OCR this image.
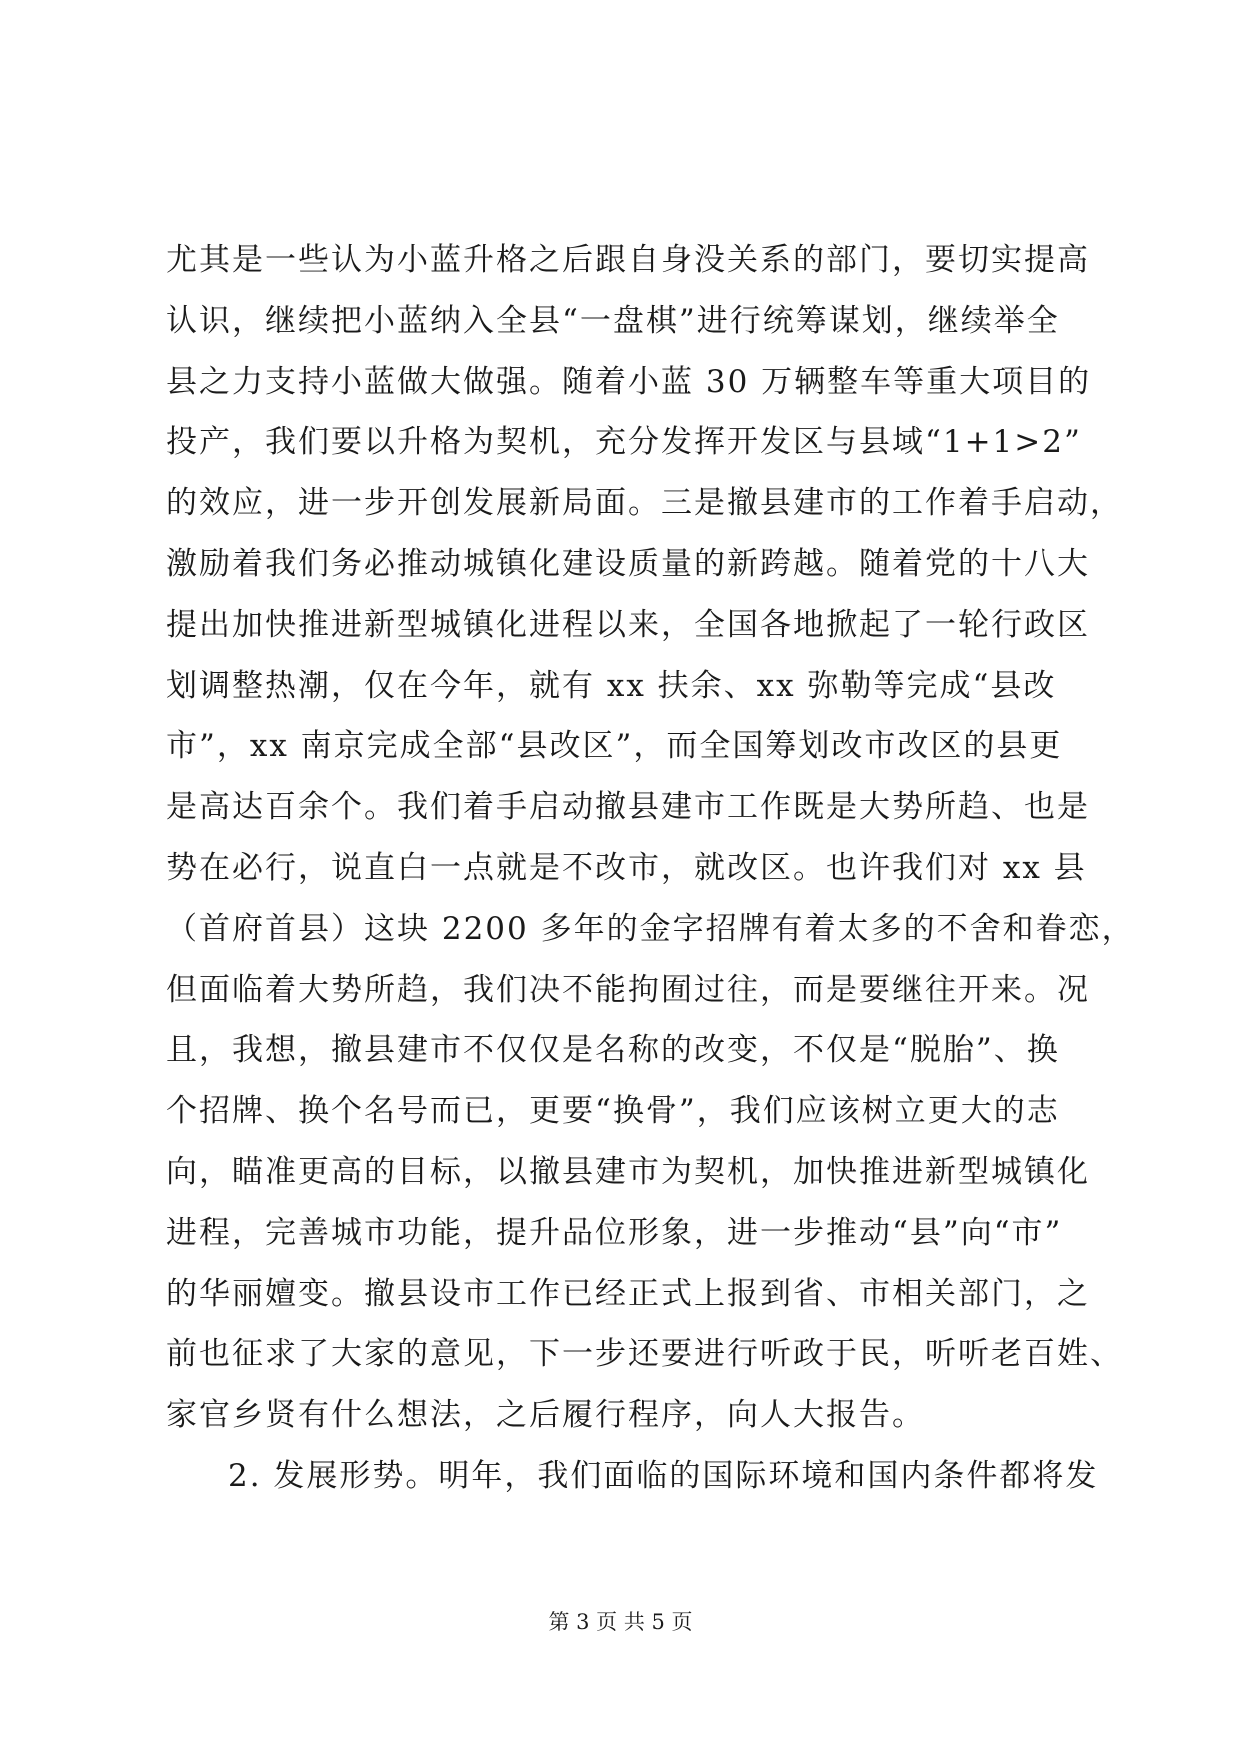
尤其是一些认为小蓝升格之后跟自身没关系的部门，要切实提高
认识，继续把小蓝纳入全县“一盘棋”进行统筹谋划，继续举全
县之力支持小蓝做大做强。随着小蓝 30 万辆整车等重大项目的
投产，我们要以升格为契机，充分发挥开发区与县域“1+1>2”
的效应，进一步开创发展新局面。三是撤县建市的工作着手启动，
激励着我们务必推动城镇化建设质量的新跨越。随着党的十八大
提出加快推进新型城镇化进程以来，全国各地掀起了一轮行政区
划调整热潮，仅在今年，就有 xx 扶余、xx 弥勒等完成“县改
市”，xx 南京完成全部“县改区”，而全国筹划改市改区的县更
是高达百余个。我们着手启动撤县建市工作既是大势所趋、也是
势在必行，说直白一点就是不改市，就改区。也许我们对 xx 县
（首府首县）这块 2200 多年的金字招牌有着太多的不舍和眷恋，
但面临着大势所趋，我们决不能拘囿过往，而是要继往开来。况
且，我想，撤县建市不仅仅是名称的改变，不仅是“脱胎”、换
个招牌、换个名号而已，更要“换骨”，我们应该树立更大的志
向，瞄准更高的目标，以撤县建市为契机，加快推进新型城镇化
进程，完善城市功能，提升品位形象，进一步推动“县”向“市”
的华丽嬗变。撤县设市工作已经正式上报到省、市相关部门，之
前也征求了大家的意见，下一步还要进行听政于民，听听老百姓、
家官乡贤有什么想法，之后履行程序，向人大报告。
2. 发展形势。明年，我们面临的国际环境和国内条件都将发
第 3 页 共 5 页
